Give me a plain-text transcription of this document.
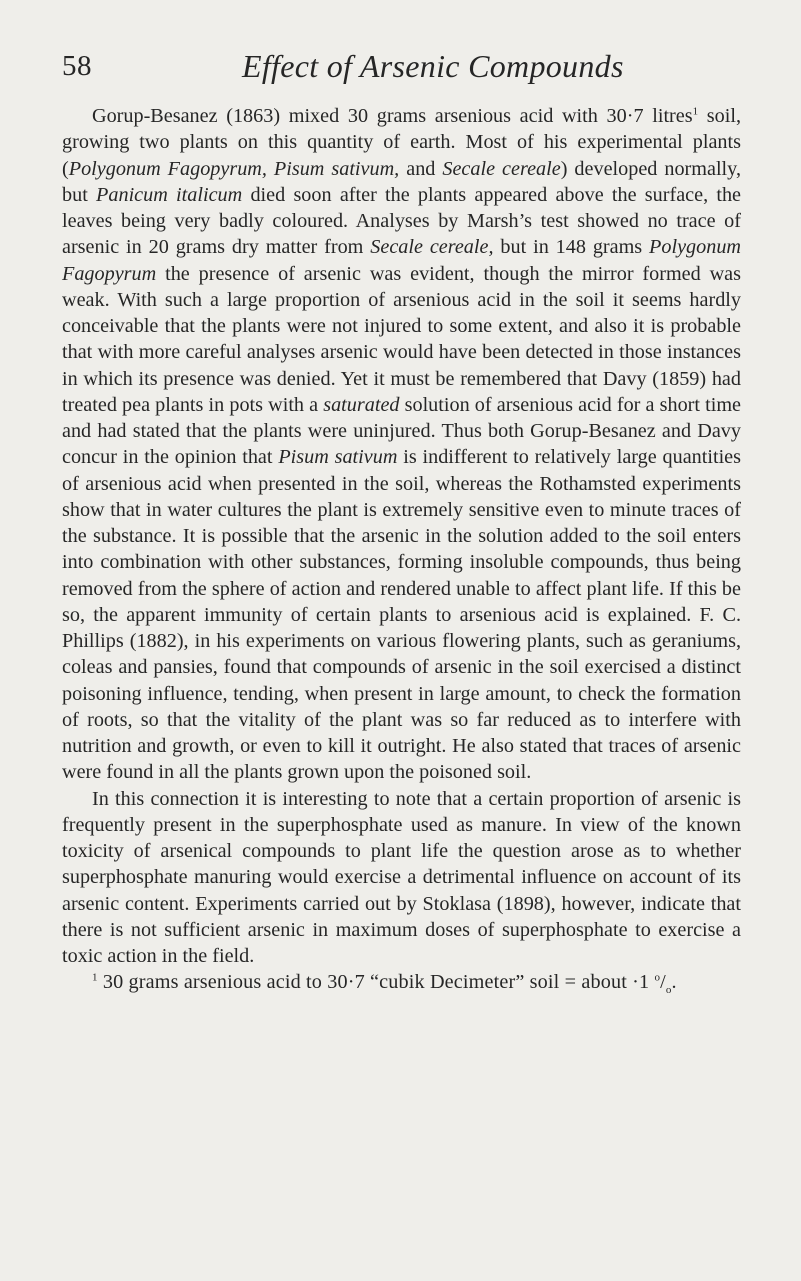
58	Effect of Arsenic Compounds

Gorup-Besanez (1863) mixed 30 grams arsenious acid with 30·7 litres$^1$ soil, growing two plants on this quantity of earth. Most of his experimental plants (Polygonum Fagopyrum, Pisum sativum, and Secale cereale) developed normally, but Panicum italicum died soon after the plants appeared above the surface, the leaves being very badly coloured. Analyses by Marsh’s test showed no trace of arsenic in 20 grams dry matter from Secale cereale, but in 148 grams Polygonum Fagopyrum the presence of arsenic was evident, though the mirror formed was weak. With such a large proportion of arsenious acid in the soil it seems hardly conceivable that the plants were not injured to some extent, and also it is probable that with more careful analyses arsenic would have been detected in those instances in which its presence was denied. Yet it must be remembered that Davy (1859) had treated pea plants in pots with a saturated solution of arsenious acid for a short time and had stated that the plants were uninjured. Thus both Gorup-Besanez and Davy concur in the opinion that Pisum sativum is indifferent to relatively large quantities of arsenious acid when presented in the soil, whereas the Rothamsted experiments show that in water cultures the plant is extremely sensitive even to minute traces of the substance. It is possible that the arsenic in the solution added to the soil enters into combination with other substances, forming insoluble compounds, thus being removed from the sphere of action and rendered unable to affect plant life. If this be so, the apparent immunity of certain plants to arsenious acid is explained. F. C. Phillips (1882), in his experiments on various flowering plants, such as geraniums, coleas and pansies, found that compounds of arsenic in the soil exercised a distinct poisoning influence, tending, when present in large amount, to check the formation of roots, so that the vitality of the plant was so far reduced as to interfere with nutrition and growth, or even to kill it outright. He also stated that traces of arsenic were found in all the plants grown upon the poisoned soil.

In this connection it is interesting to note that a certain proportion of arsenic is frequently present in the superphosphate used as manure. In view of the known toxicity of arsenical compounds to plant life the question arose as to whether superphosphate manuring would exercise a detrimental influence on account of its arsenic content. Experiments carried out by Stoklasa (1898), however, indicate that there is not sufficient arsenic in maximum doses of superphosphate to exercise a toxic action in the field.

$^1$ 30 grams arsenious acid to 30·7 “cubik Decimeter” soil = about ·1 $^o/_o$.
